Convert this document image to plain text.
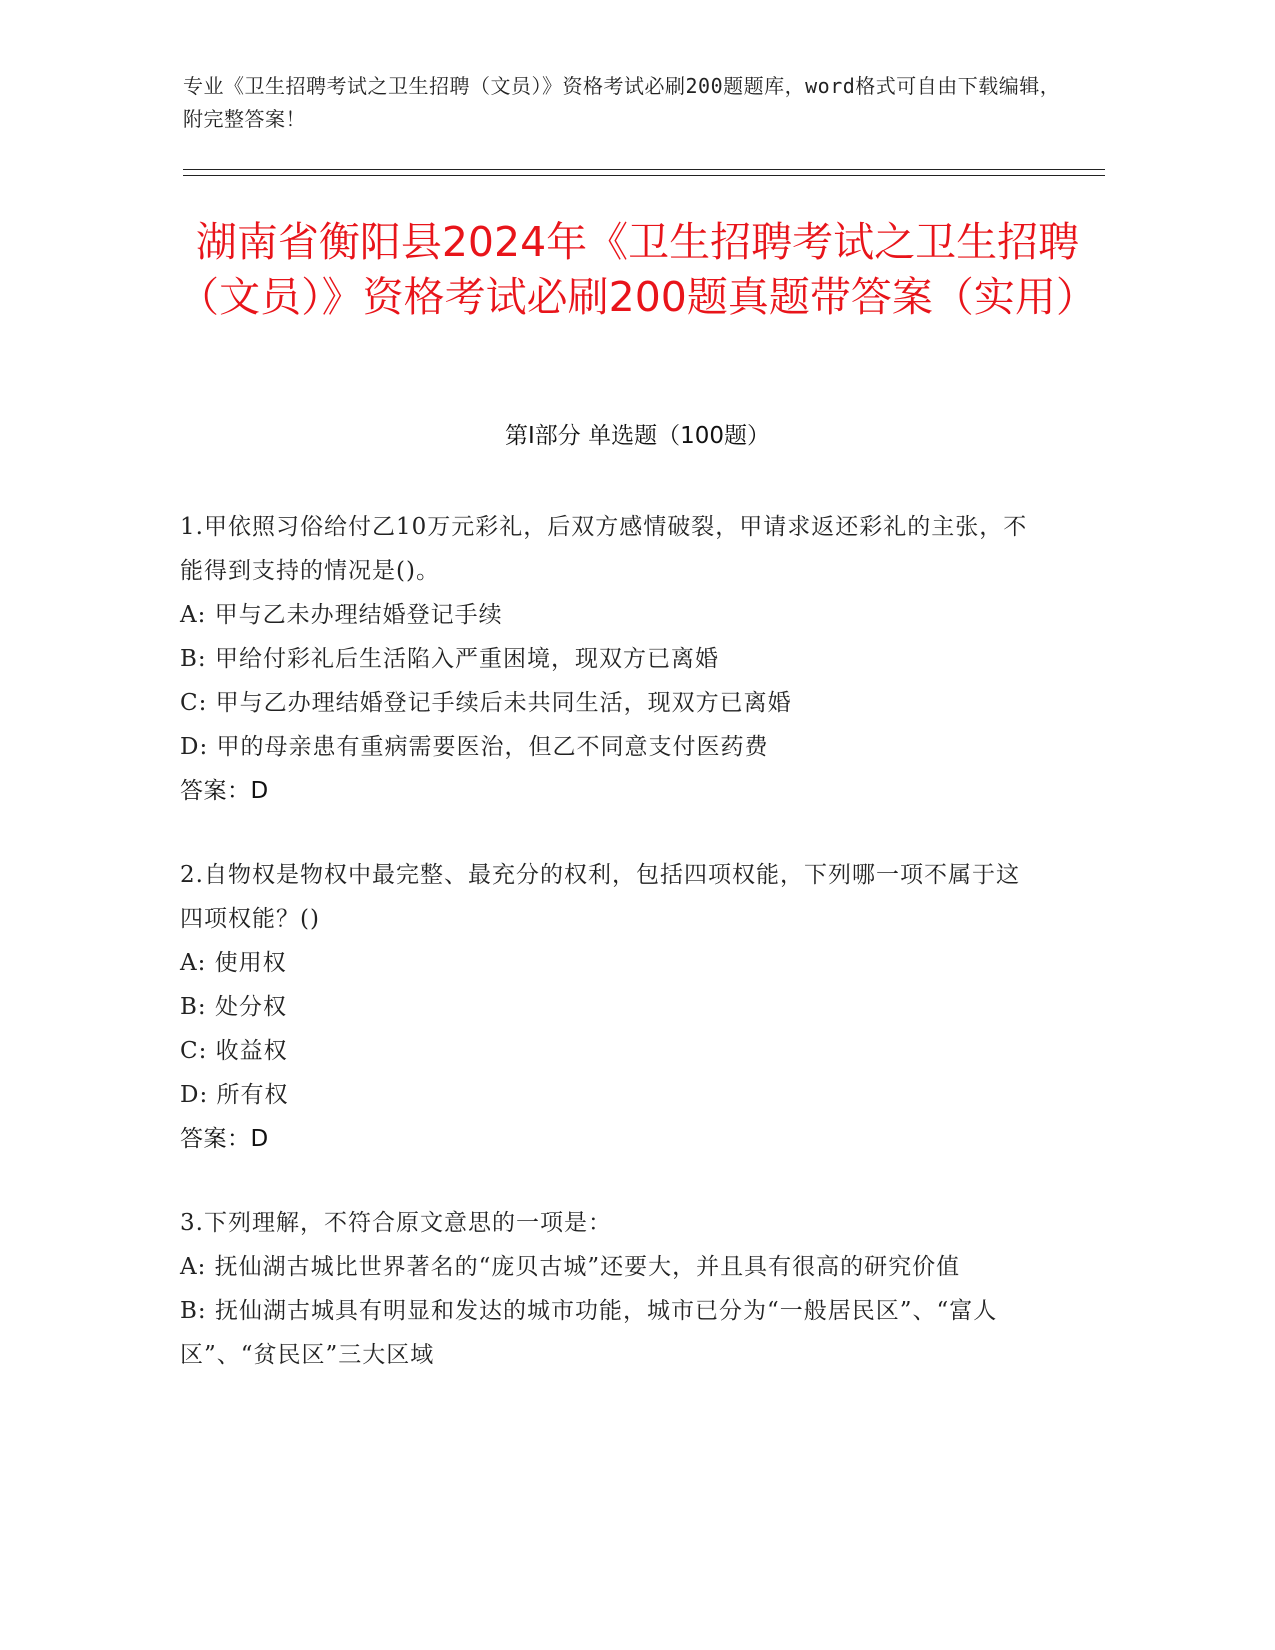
专业《卫生招聘考试之卫生招聘（文员）》资格考试必刷200题题库，word格式可自由下载编辑，附完整答案！
湖南省衡阳县2024年《卫生招聘考试之卫生招聘（文员）》资格考试必刷200题真题带答案（实用）
第Ⅰ部分 单选题（100题）

1.甲依照习俗给付乙10万元彩礼，后双方感情破裂，甲请求返还彩礼的主张，不能得到支持的情况是()。

A: 甲与乙未办理结婚登记手续

B: 甲给付彩礼后生活陷入严重困境，现双方已离婚

C: 甲与乙办理结婚登记手续后未共同生活，现双方已离婚

D: 甲的母亲患有重病需要医治，但乙不同意支付医药费

答案：D

2.自物权是物权中最完整、最充分的权利，包括四项权能，下列哪一项不属于这四项权能？()

A: 使用权

B: 处分权

C: 收益权

D: 所有权

答案：D

3.下列理解，不符合原文意思的一项是：

A: 抚仙湖古城比世界著名的“庞贝古城”还要大，并且具有很高的研究价值

B: 抚仙湖古城具有明显和发达的城市功能，城市已分为“一般居民区”、“富人区”、“贫民区”三大区域
